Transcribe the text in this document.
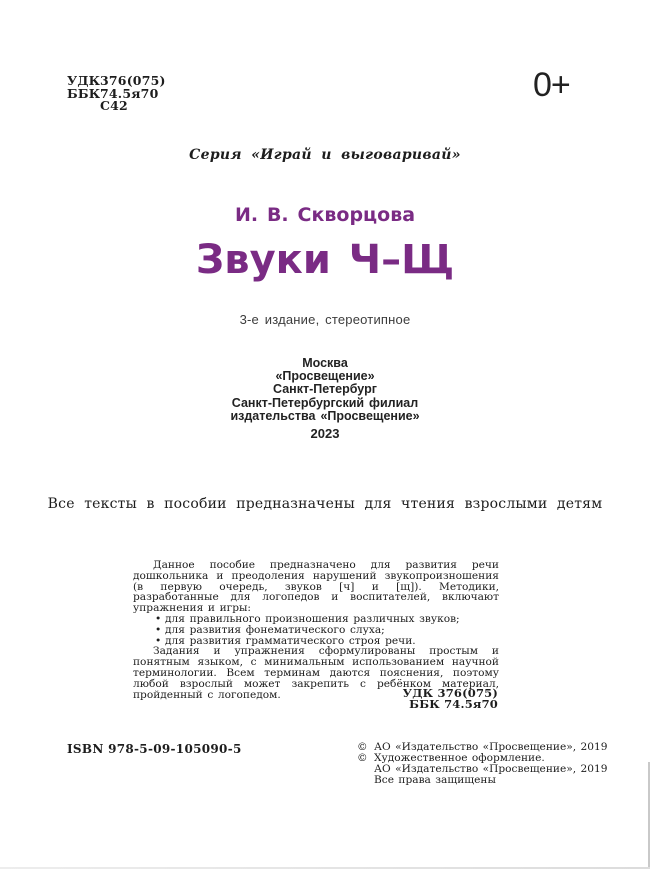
УДК 376(075)
ББК 74.5я70
С42
0+
Серия «Играй и выговаривай»
И. В. Скворцова
Звуки Ч–Щ
3-е издание, стереотипное
Москва
«Просвещение»
Санкт-Петербург
Санкт-Петербургский филиал
издательства «Просвещение»
2023
Все тексты в пособии предназначены для чтения взрослыми детям

Данное пособие предназначено для развития речи дошкольника и преодоления нарушений звукопроизношения (в первую очередь, звуков [ч] и [щ]). Методики, разработанные для логопедов и воспитателей, включают упражнения и игры:

• для правильного произношения различных звуков;
• для развития фонематического слуха;
• для развития грамматического строя речи.

Задания и упражнения сформулированы простым и понятным языком, с минимальным использованием научной терминологии. Всем терминам даются пояснения, поэтому любой взрослый может закрепить с ребёнком материал, пройденный с логопедом.	УДК 376(075)
ББК 74.5я70
ISBN 978-5-09-105090-5	© АО «Издательство «Просвещение», 2019
© Художественное оформление.
АО «Издательство «Просвещение», 2019
Все права защищены
